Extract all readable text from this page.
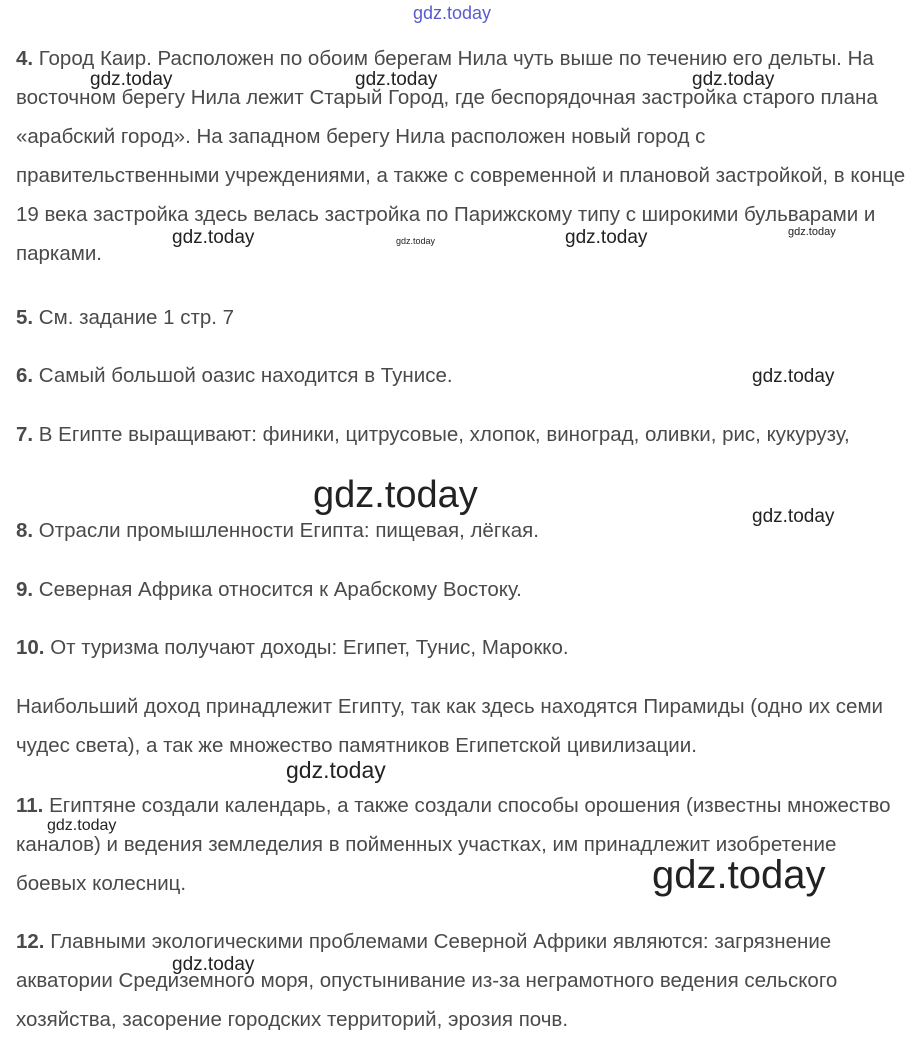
4. Город Каир. Расположен по обоим берегам Нила чуть выше по течению его дельты. На восточном берегу Нила лежит Старый Город, где беспорядочная застройка старого плана «арабский город». На западном берегу Нила расположен новый город с правительственными учреждениями, а также с современной и плановой застройкой, в конце 19 века застройка здесь велась застройка по Парижскому типу с широкими бульварами и парками.

5. См. задание 1 стр. 7

6. Самый большой оазис находится в Тунисе.

7. В Египте выращивают: финики, цитрусовые, хлопок, виноград, оливки, рис, кукурузу,

8. Отрасли промышленности Египта: пищевая, лёгкая.

9. Северная Африка относится к Арабскому Востоку.

10. От туризма получают доходы: Египет, Тунис, Марокко.

Наибольший доход принадлежит Египту, так как здесь находятся Пирамиды (одно их семи чудес света), а так же множество памятников Египетской цивилизации.

11. Египтяне создали календарь, а также создали способы орошения (известны множество каналов) и ведения земледелия в пойменных участках, им принадлежит изобретение боевых колесниц.

12. Главными экологическими проблемами Северной Африки являются: загрязнение акватории Средиземного моря, опустынивание из-за неграмотного ведения сельского хозяйства, засорение городских территорий, эрозия почв.

gdz.today
gdz.today	gdz.today	gdz.today
gdz.today	gdz.today	gdz.today	gdz.today
gdz.today
gdz.today
gdz.today
gdz.today
gdz.today
gdz.today
gdz.today
